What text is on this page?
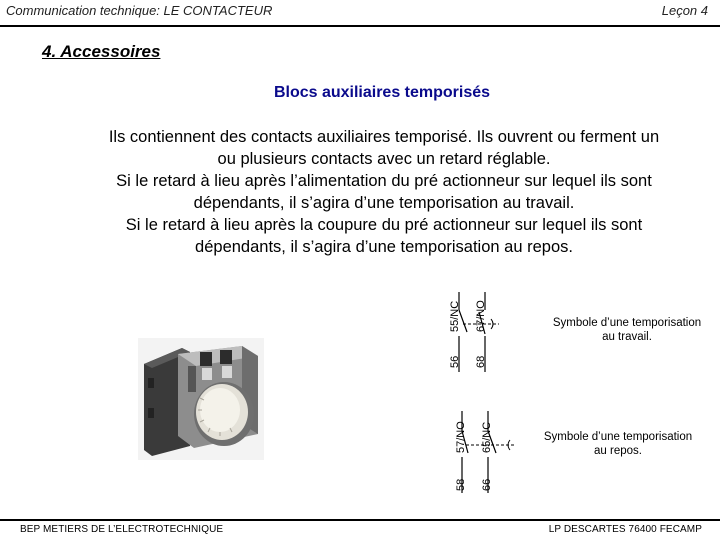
Communication technique: LE CONTACTEUR	Leçon 4
4. Accessoires
Blocs auxiliaires temporisés
Ils contiennent des contacts auxiliaires temporisé. Ils ouvrent ou ferment un
ou plusieurs contacts avec un retard réglable.
Si le retard à lieu après l’alimentation du pré actionneur sur lequel ils sont
dépendants, il s’agira d’une temporisation au travail.
Si le retard à lieu après la coupure du pré actionneur sur lequel ils sont
dépendants, il s’agira d’une temporisation au repos.
55/NC 67/NO
56 68
Symbole d’une temporisation
au travail.
57/NO 65/NC
58 66
Symbole d’une temporisation
au repos.
BEP METIERS DE L’ELECTROTECHNIQUE	LP DESCARTES 76400 FECAMP
